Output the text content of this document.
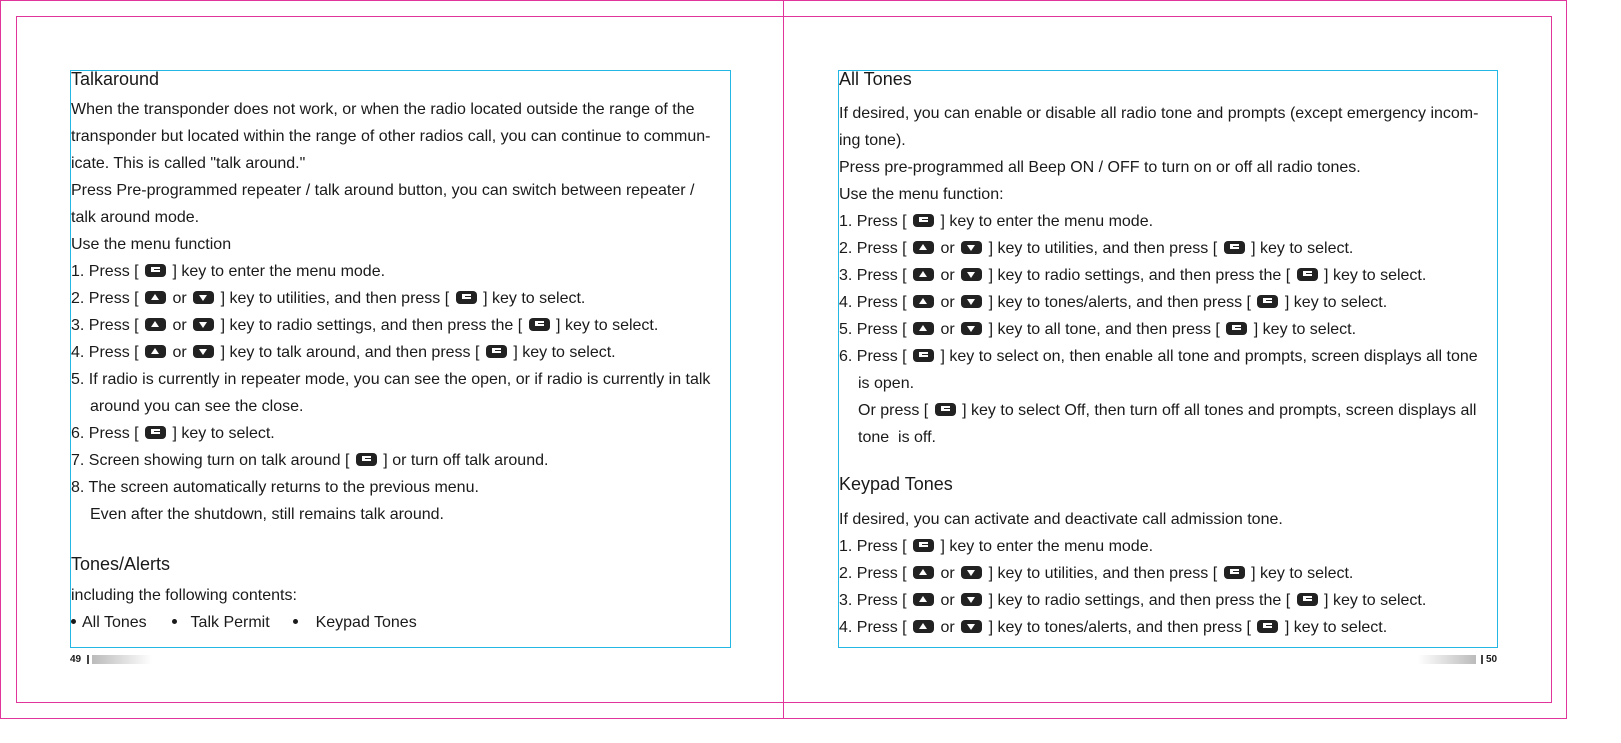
Talkaround
When the transponder does not work, or when the radio located outside the range of the
transponder but located within the range of other radios call, you can continue to commun-
icate. This is called "talk around."
Press Pre-programmed repeater / talk around button, you can switch between repeater /
talk around mode.
Use the menu function
1. Press [ ] key to enter the menu mode.
2. Press [ or ] key to utilities, and then press [ ] key to select.
3. Press [ or ] key to radio settings, and then press the [ ] key to select.
4. Press [ or ] key to talk around, and then press [ ] key to select.
5. If radio is currently in repeater mode, you can see the open, or if radio is currently in talk
around you can see the close.
6. Press [ ] key to select.
7. Screen showing turn on talk around [ ] or turn off talk around.
8. The screen automatically returns to the previous menu.
Even after the shutdown, still remains talk around.
Tones/Alerts
including the following contents:
All Tones	Talk Permit	Keypad Tones
49
All Tones
If desired, you can enable or disable all radio tone and prompts (except emergency incom-
ing tone).
Press pre-programmed all Beep ON / OFF to turn on or off all radio tones.
Use the menu function:
1. Press [ ] key to enter the menu mode.
2. Press [ or ] key to utilities, and then press [ ] key to select.
3. Press [ or ] key to radio settings, and then press the [ ] key to select.
4. Press [ or ] key to tones/alerts, and then press [ ] key to select.
5. Press [ or ] key to all tone, and then press [ ] key to select.
6. Press [ ] key to select on, then enable all tone and prompts, screen displays all tone
is open.
Or press [ ] key to select Off, then turn off all tones and prompts, screen displays all
tone  is off.
Keypad Tones
If desired, you can activate and deactivate call admission tone.
1. Press [ ] key to enter the menu mode.
2. Press [ or ] key to utilities, and then press [ ] key to select.
3. Press [ or ] key to radio settings, and then press the [ ] key to select.
4. Press [ or ] key to tones/alerts, and then press [ ] key to select.
50
